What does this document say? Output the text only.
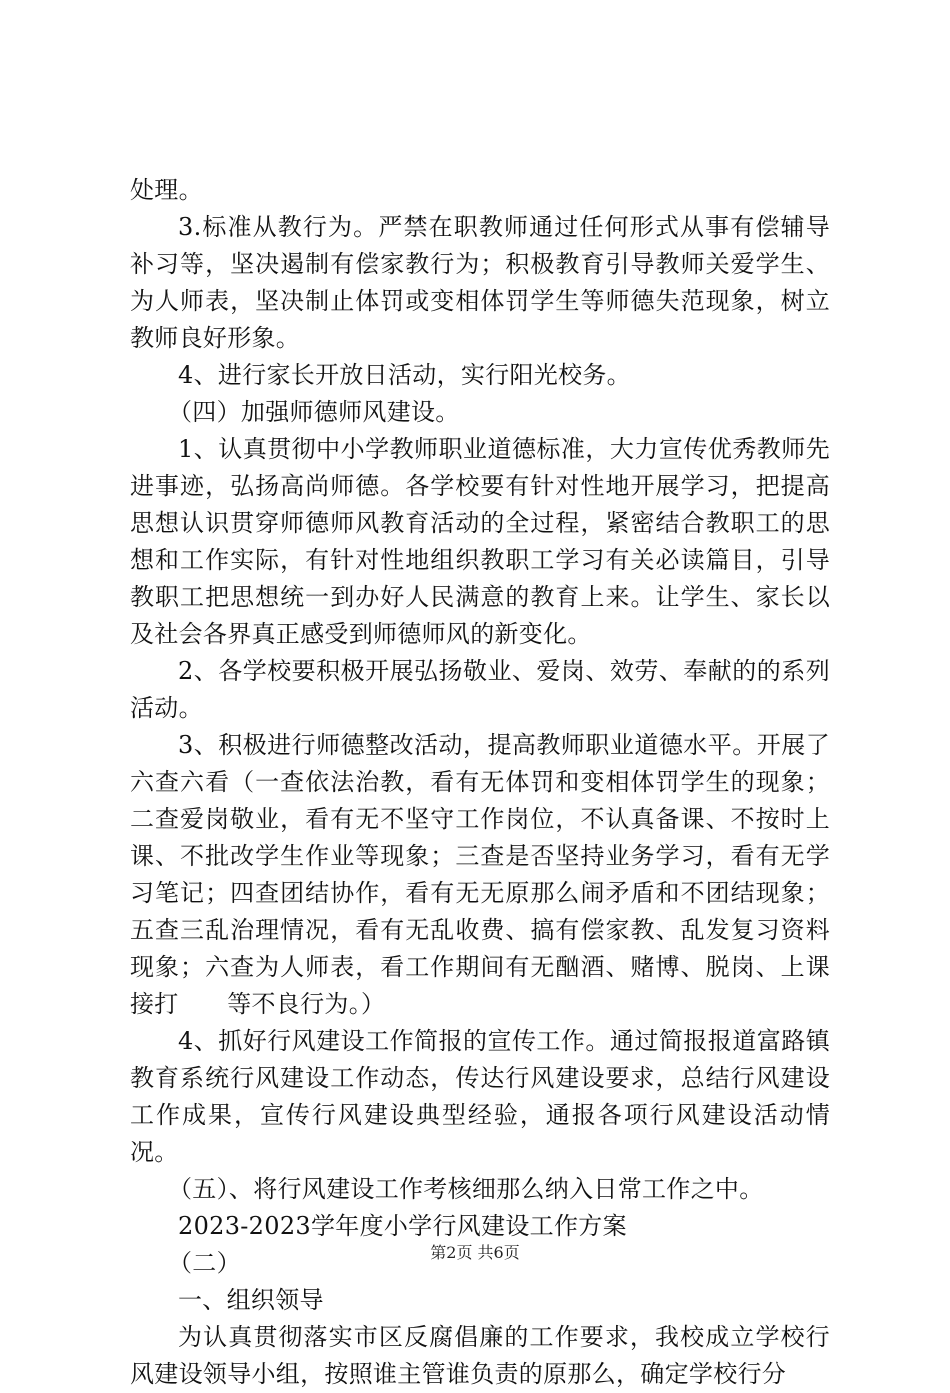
处理。

3.标准从教行为。严禁在职教师通过任何形式从事有偿辅导补习等，坚决遏制有偿家教行为；积极教育引导教师关爱学生、为人师表，坚决制止体罚或变相体罚学生等师德失范现象，树立教师良好形象。

4、进行家长开放日活动，实行阳光校务。

（四）加强师德师风建设。

1、认真贯彻中小学教师职业道德标准，大力宣传优秀教师先进事迹，弘扬高尚师德。各学校要有针对性地开展学习，把提高思想认识贯穿师德师风教育活动的全过程，紧密结合教职工的思想和工作实际，有针对性地组织教职工学习有关必读篇目，引导教职工把思想统一到办好人民满意的教育上来。让学生、家长以及社会各界真正感受到师德师风的新变化。

2、各学校要积极开展弘扬敬业、爱岗、效劳、奉献的的系列活动。

3、积极进行师德整改活动，提高教师职业道德水平。开展了六查六看（一查依法治教，看有无体罚和变相体罚学生的现象；二查爱岗敬业，看有无不坚守工作岗位，不认真备课、不按时上课、不批改学生作业等现象；三查是否坚持业务学习，看有无学习笔记；四查团结协作，看有无无原那么闹矛盾和不团结现象；五查三乱治理情况，看有无乱收费、搞有偿家教、乱发复习资料现象；六查为人师表，看工作期间有无酗酒、赌博、脱岗、上课接打　　等不良行为。）

4、抓好行风建设工作简报的宣传工作。通过简报报道富路镇教育系统行风建设工作动态，传达行风建设要求，总结行风建设工作成果，宣传行风建设典型经验，通报各项行风建设活动情况。

（五）、将行风建设工作考核细那么纳入日常工作之中。

2023-2023学年度小学行风建设工作方案

（二）

一、组织领导

为认真贯彻落实市区反腐倡廉的工作要求，我校成立学校行风建设领导小组，按照谁主管谁负责的原那么，确定学校行分

第2页 共6页
